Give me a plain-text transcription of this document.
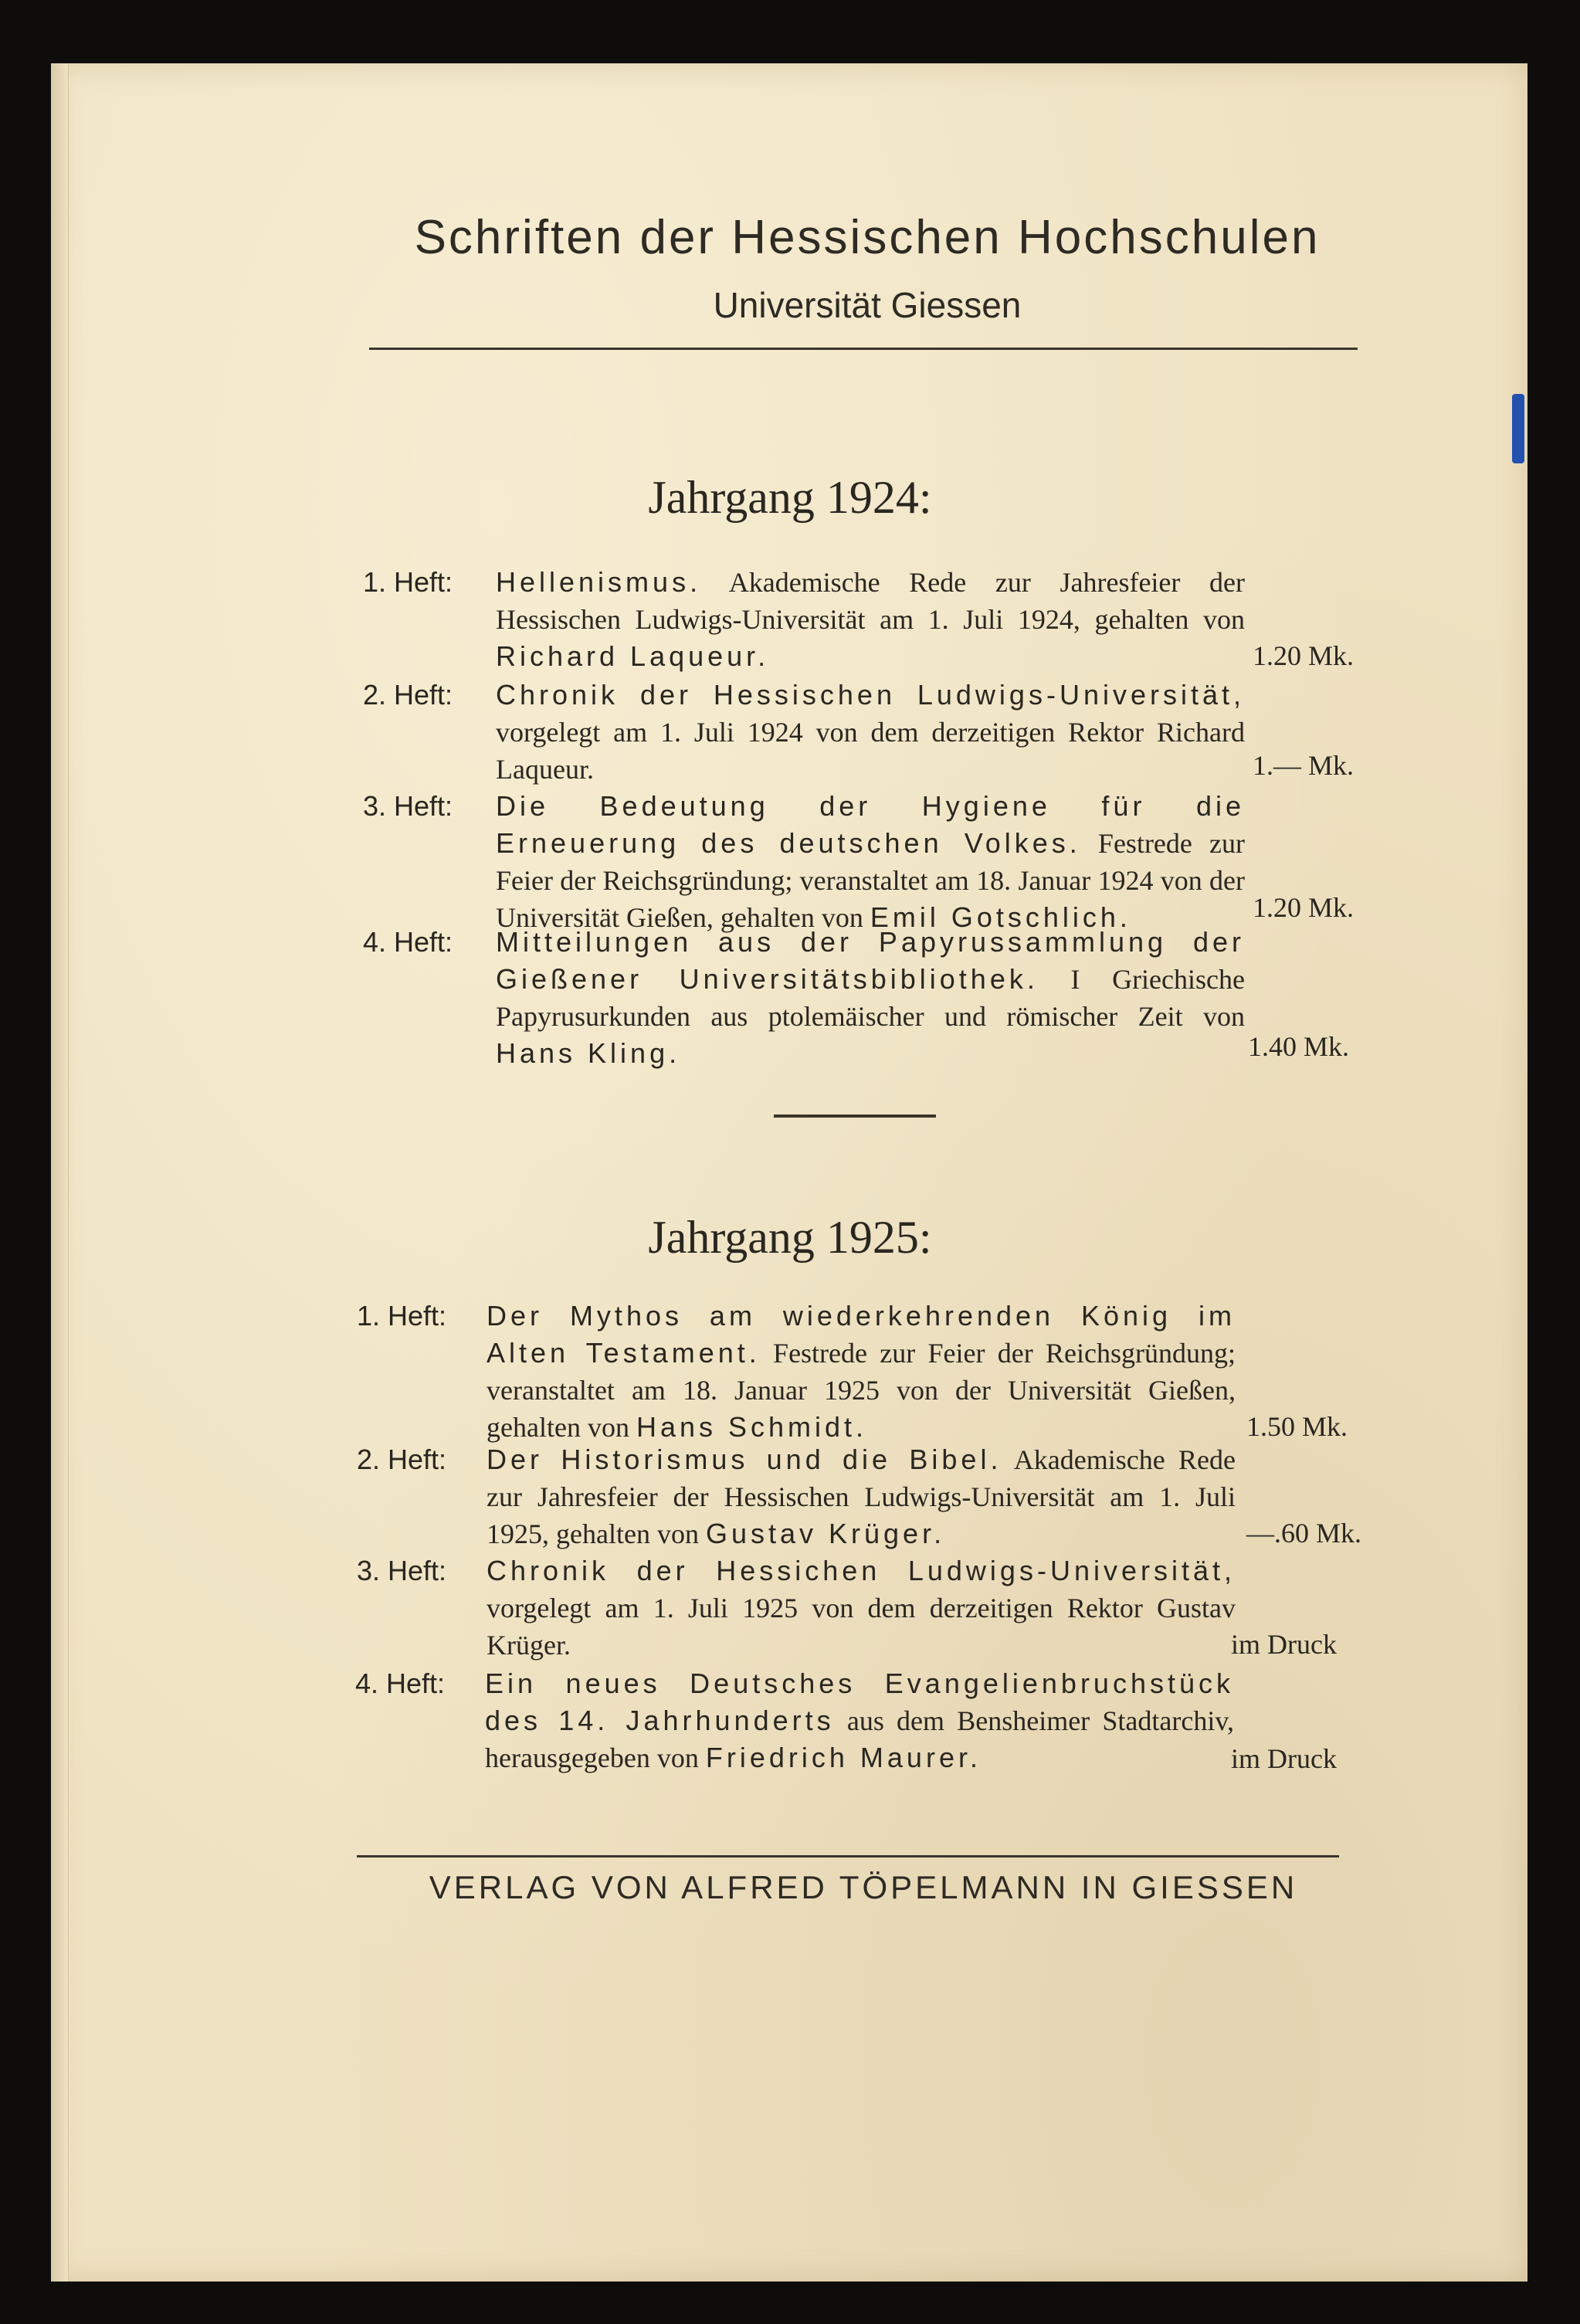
Schriften der Hessischen Hochschulen
Universität Giessen
Jahrgang 1924:
1. Heft:	Hellenismus. Akademische Rede zur Jahresfeier der Hessischen Ludwigs-Universität am 1. Juli 1924, gehalten von Richard Laqueur.	1.20 Mk.
2. Heft:	Chronik der Hessischen Ludwigs-Universität, vorgelegt am 1. Juli 1924 von dem derzeitigen Rektor Richard Laqueur.	1.— Mk.
3. Heft:	Die Bedeutung der Hygiene für die Erneuerung des deutschen Volkes. Festrede zur Feier der Reichsgründung; veranstaltet am 18. Januar 1924 von der Universität Gießen, gehalten von Emil Gotschlich.	1.20 Mk.
4. Heft:	Mitteilungen aus der Papyrussammlung der Gießener Universitätsbibliothek. I Griechische Papyrusurkunden aus ptolemäischer und römischer Zeit von Hans Kling.	1.40 Mk.
Jahrgang 1925:
1. Heft:	Der Mythos am wiederkehrenden König im Alten Testament. Festrede zur Feier der Reichsgründung; veranstaltet am 18. Januar 1925 von der Universität Gießen, gehalten von Hans Schmidt.	1.50 Mk.
2. Heft:	Der Historismus und die Bibel. Akademische Rede zur Jahresfeier der Hessischen Ludwigs-Universität am 1. Juli 1925, gehalten von Gustav Krüger.	—.60 Mk.
3. Heft:	Chronik der Hessichen Ludwigs-Universität, vorgelegt am 1. Juli 1925 von dem derzeitigen Rektor Gustav Krüger.	im Druck
4. Heft:	Ein neues Deutsches Evangelienbruchstück des 14. Jahrhunderts aus dem Bensheimer Stadtarchiv, herausgegeben von Friedrich Maurer.	im Druck
VERLAG VON ALFRED TÖPELMANN IN GIESSEN
